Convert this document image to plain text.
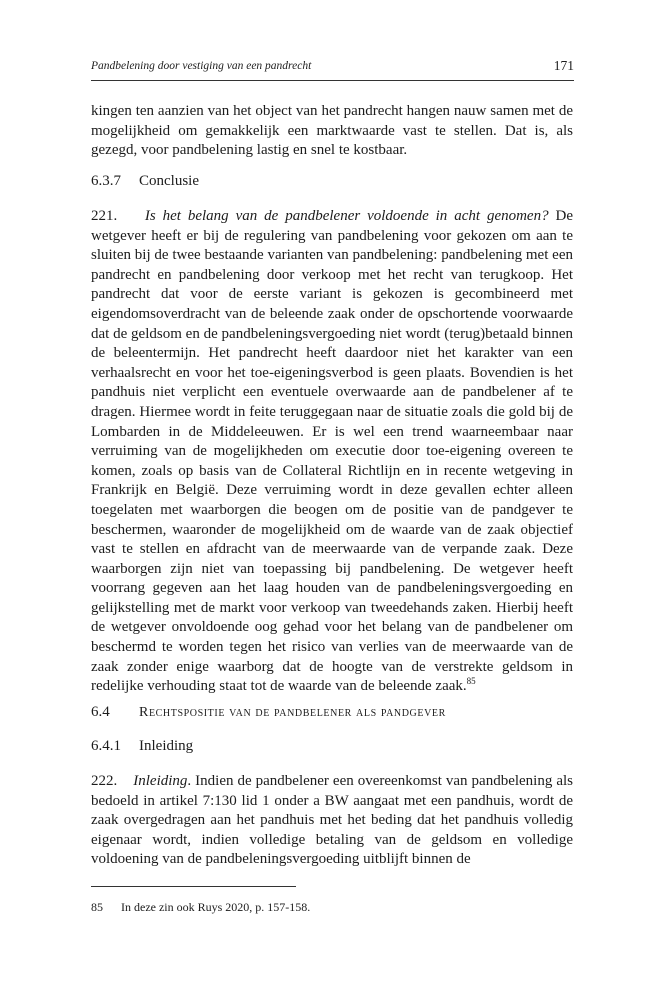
Pandbelening door vestiging van een pandrecht	171

kingen ten aanzien van het object van het pandrecht hangen nauw samen met de mogelijkheid om gemakkelijk een marktwaarde vast te stellen. Dat is, als gezegd, voor pandbelening lastig en snel te kostbaar.

6.3.7 Conclusie

221. Is het belang van de pandbelener voldoende in acht genomen? De wetgever heeft er bij de regulering van pandbelening voor gekozen om aan te sluiten bij de twee bestaande varianten van pandbelening: pandbelening met een pandrecht en pandbelening door verkoop met het recht van terugkoop. Het pandrecht dat voor de eerste variant is gekozen is gecombineerd met eigendomsoverdracht van de beleende zaak onder de opschortende voorwaarde dat de geldsom en de pandbeleningsvergoeding niet wordt (terug)betaald binnen de beleentermijn. Het pandrecht heeft daardoor niet het karakter van een verhaalsrecht en voor het toe-eigeningsverbod is geen plaats. Bovendien is het pandhuis niet verplicht een eventuele overwaarde aan de pandbelener af te dragen. Hiermee wordt in feite teruggegaan naar de situatie zoals die gold bij de Lombarden in de Middeleeuwen. Er is wel een trend waarneembaar naar verruiming van de mogelijkheden om executie door toe-eigening overeen te komen, zoals op basis van de Collateral Richtlijn en in recente wetgeving in Frankrijk en België. Deze verruiming wordt in deze gevallen echter alleen toegelaten met waarborgen die beogen om de positie van de pandgever te beschermen, waaronder de mogelijkheid om de waarde van de zaak objectief vast te stellen en afdracht van de meerwaarde van de verpande zaak. Deze waarborgen zijn niet van toepassing bij pandbelening. De wetgever heeft voorrang gegeven aan het laag houden van de pandbeleningsvergoeding en gelijkstelling met de markt voor verkoop van tweedehands zaken. Hierbij heeft de wetgever onvoldoende oog gehad voor het belang van de pandbelener om beschermd te worden tegen het risico van verlies van de meerwaarde van de zaak zonder enige waarborg dat de hoogte van de verstrekte geldsom in redelijke verhouding staat tot de waarde van de beleende zaak.$^{85}$

6.4 Rechtspositie van de pandbelener als pandgever
6.4.1 Inleiding

222. Inleiding. Indien de pandbelener een overeenkomst van pandbelening als bedoeld in artikel 7:130 lid 1 onder a BW aangaat met een pandhuis, wordt de zaak overgedragen aan het pandhuis met het beding dat het pandhuis volledig eigenaar wordt, indien volledige betaling van de geldsom en volledige voldoening van de pandbeleningsvergoeding uitblijft binnen de

85 In deze zin ook Ruys 2020, p. 157-158.
